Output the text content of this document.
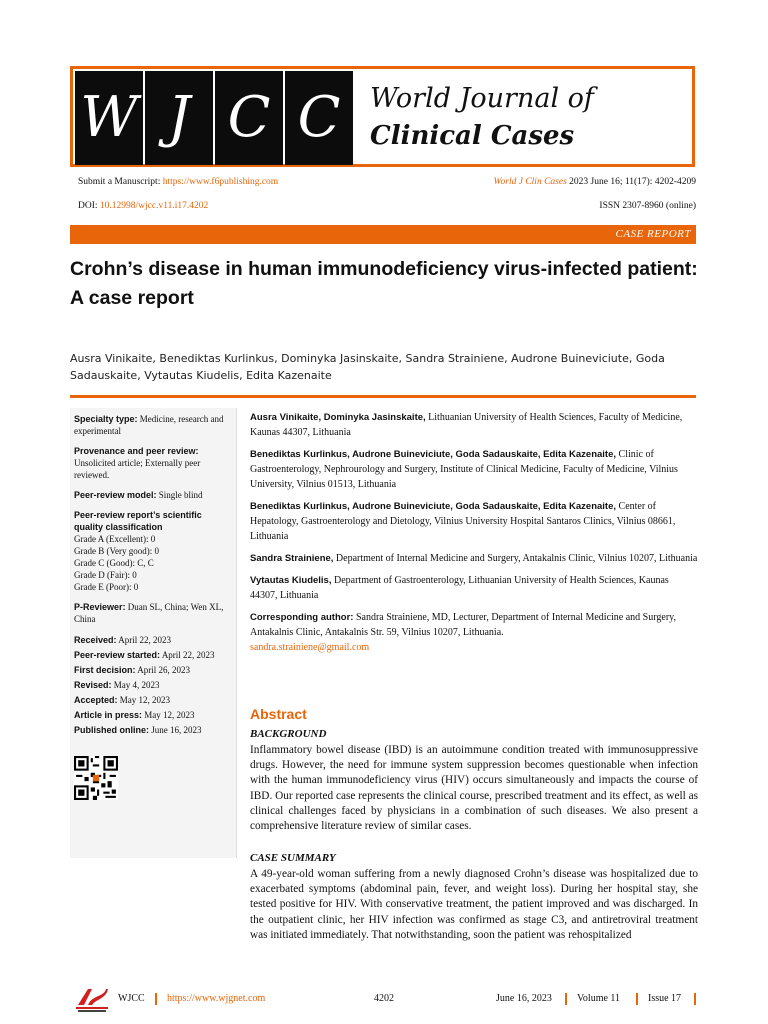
W J C C	World Journal of
Clinical Cases
Submit a Manuscript: https://www.f6publishing.com	World J Clin Cases 2023 June 16; 11(17): 4202-4209
DOI: 10.12998/wjcc.v11.i17.4202	ISSN 2307-8960 (online)
CASE REPORT
Crohn’s disease in human immunodeficiency virus-infected patient:
A case report
Ausra Vinikaite, Benediktas Kurlinkus, Dominyka Jasinskaite, Sandra Strainiene, Audrone Buineviciute, Goda Sadauskaite, Vytautas Kiudelis, Edita Kazenaite
Specialty type: Medicine, research and experimental
Provenance and peer review:
Unsolicited article; Externally peer reviewed.
Peer-review model: Single blind
Peer-review report’s scientific quality classification
Grade A (Excellent): 0
Grade B (Very good): 0
Grade C (Good): C, C
Grade D (Fair): 0
Grade E (Poor): 0
P-Reviewer: Duan SL, China; Wen XL, China
Received: April 22, 2023
Peer-review started: April 22, 2023
First decision: April 26, 2023
Revised: May 4, 2023
Accepted: May 12, 2023
Article in press: May 12, 2023
Published online: June 16, 2023
Ausra Vinikaite, Dominyka Jasinskaite, Lithuanian University of Health Sciences, Faculty of Medicine, Kaunas 44307, Lithuania
Benediktas Kurlinkus, Audrone Buineviciute, Goda Sadauskaite, Edita Kazenaite, Clinic of Gastroenterology, Nephrourology and Surgery, Institute of Clinical Medicine, Faculty of Medicine, Vilnius University, Vilnius 01513, Lithuania
Benediktas Kurlinkus, Audrone Buineviciute, Goda Sadauskaite, Edita Kazenaite, Center of Hepatology, Gastroenterology and Dietology, Vilnius University Hospital Santaros Clinics, Vilnius 08661, Lithuania
Sandra Strainiene, Department of Internal Medicine and Surgery, Antakalnis Clinic, Vilnius 10207, Lithuania
Vytautas Kiudelis, Department of Gastroenterology, Lithuanian University of Health Sciences, Kaunas 44307, Lithuania
Corresponding author: Sandra Strainiene, MD, Lecturer, Department of Internal Medicine and Surgery, Antakalnis Clinic, Antakalnis Str. 59, Vilnius 10207, Lithuania.
sandra.strainiene@gmail.com
Abstract
BACKGROUND
Inflammatory bowel disease (IBD) is an autoimmune condition treated with immunosuppressive drugs. However, the need for immune system suppression becomes questionable when infection with the human immunodeficiency virus (HIV) occurs simultaneously and impacts the course of IBD. Our reported case represents the clinical course, prescribed treatment and its effect, as well as clinical challenges faced by physicians in a combination of such diseases. We also present a comprehensive literature review of similar cases.
CASE SUMMARY
A 49-year-old woman suffering from a newly diagnosed Crohn’s disease was hospitalized due to exacerbated symptoms (abdominal pain, fever, and weight loss). During her hospital stay, she tested positive for HIV. With conservative treatment, the patient improved and was discharged. In the outpatient clinic, her HIV infection was confirmed as stage C3, and antiretroviral treatment was initiated immediately. That notwithstanding, soon the patient was rehospitalized
WJCC https://www.wjgnet.com	4202	June 16, 2023	Volume 11	Issue 17
